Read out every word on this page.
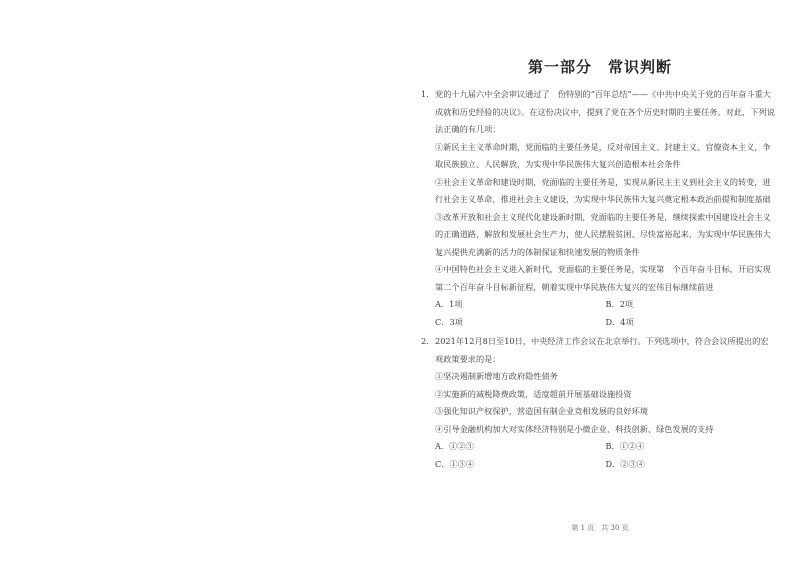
第一部分　常识判断
1． 党的十九届六中全会审议通过了　份特别的“百年总结”——《中共中央关于党的百年奋斗重大成就和历史经验的决议》。在这份决议中，提到了党在各个历史时期的主要任务。对此，下列说法正确的有几项：
①新民主主义革命时期，党面临的主要任务是，反对帝国主义、封建主义、官僚资本主义，争取民族独立、人民解放，为实现中华民族伟大复兴创造根本社会条件
②社会主义革命和建设时期，党面临的主要任务是，实现从新民主主义到社会主义的转变，进行社会主义革命，推进社会主义建设，为实现中华民族伟大复兴奠定根本政治前提和制度基础
③改革开放和社会主义现代化建设新时期，党面临的主要任务是，继续探索中国建设社会主义的正确道路，解放和发展社会生产力，使人民摆脱贫困、尽快富裕起来，为实现中华民族伟大复兴提供充满新的活力的体制保证和快速发展的物质条件
④中国特色社会主义进入新时代，党面临的主要任务是，实现第　个百年奋斗目标，开启实现第二个百年奋斗目标新征程，朝着实现中华民族伟大复兴的宏伟目标继续前进
A．1项	B．2项
C．3项	D．4项
2． 2021年12月8日至10日，中央经济工作会议在北京举行。下列选项中，符合会议所提出的宏观政策要求的是：
①坚决遏制新增地方政府隐性债务
②实施新的减税降费政策，适度超前开展基础设施投资
③强化知识产权保护，营造国有制企业竞相发展的良好环境
④引导金融机构加大对实体经济特别是小微企业、科技创新、绿色发展的支持
A．①②③	B．①②④
C．①③④	D．②③④
第 1 页　共 30 页
